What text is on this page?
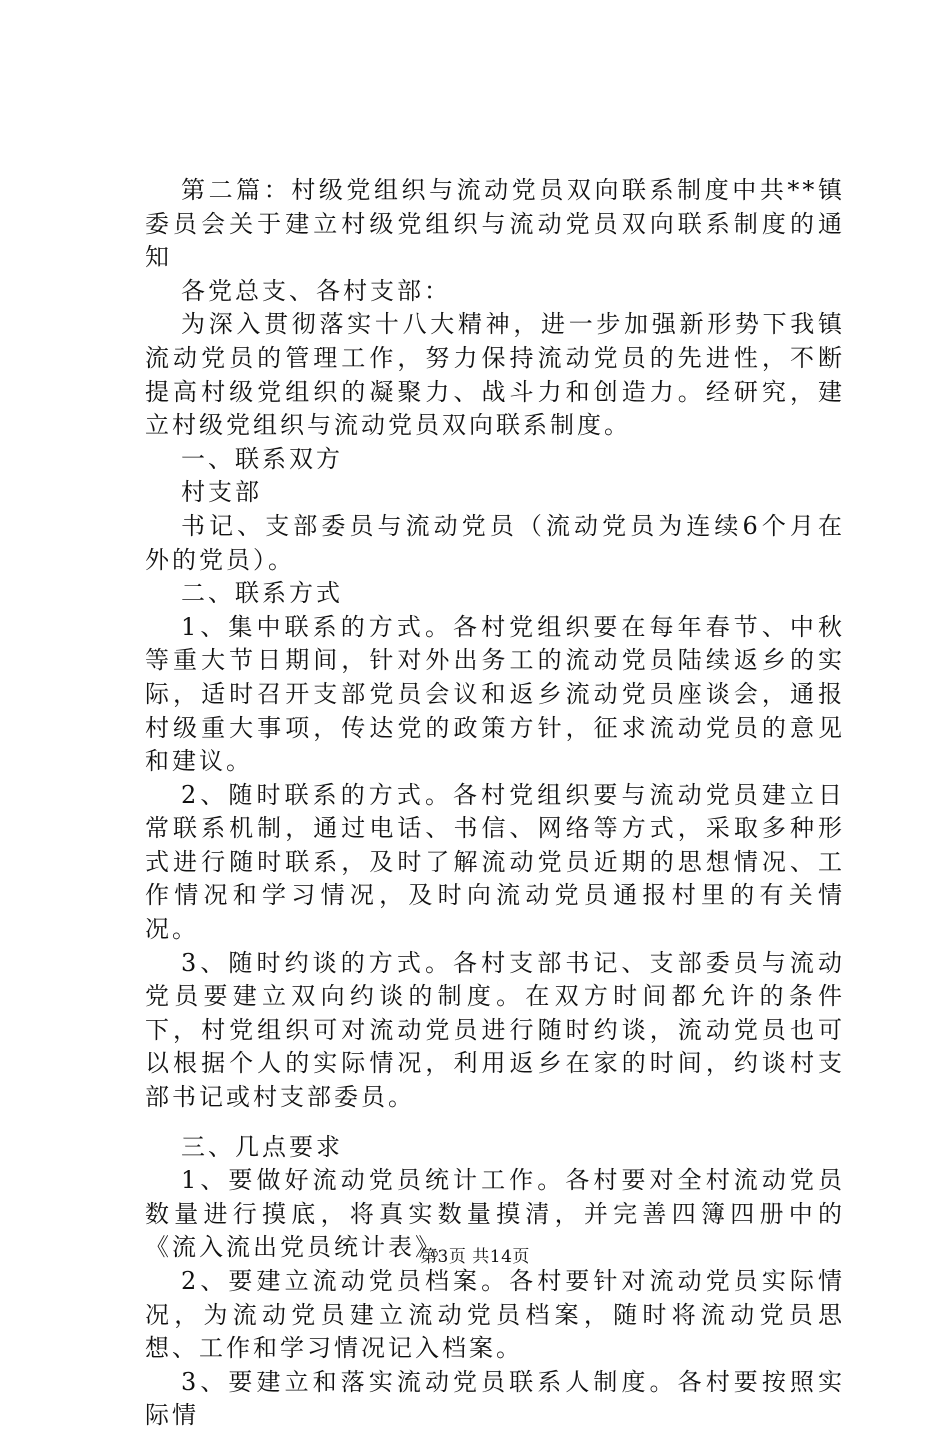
第二篇：村级党组织与流动党员双向联系制度中共**镇委员会关于建立村级党组织与流动党员双向联系制度的通知

各党总支、各村支部：

为深入贯彻落实十八大精神，进一步加强新形势下我镇流动党员的管理工作，努力保持流动党员的先进性，不断提高村级党组织的凝聚力、战斗力和创造力。经研究，建立村级党组织与流动党员双向联系制度。

一、联系双方

村支部

书记、支部委员与流动党员（流动党员为连续6个月在外的党员）。

二、联系方式

1、集中联系的方式。各村党组织要在每年春节、中秋等重大节日期间，针对外出务工的流动党员陆续返乡的实际，适时召开支部党员会议和返乡流动党员座谈会，通报村级重大事项，传达党的政策方针，征求流动党员的意见和建议。

2、随时联系的方式。各村党组织要与流动党员建立日常联系机制，通过电话、书信、网络等方式，采取多种形式进行随时联系，及时了解流动党员近期的思想情况、工作情况和学习情况，及时向流动党员通报村里的有关情况。

3、随时约谈的方式。各村支部书记、支部委员与流动党员要建立双向约谈的制度。在双方时间都允许的条件下，村党组织可对流动党员进行随时约谈，流动党员也可以根据个人的实际情况，利用返乡在家的时间，约谈村支部书记或村支部委员。

三、几点要求

1、要做好流动党员统计工作。各村要对全村流动党员数量进行摸底，将真实数量摸清，并完善四簿四册中的《流入流出党员统计表》。

2、要建立流动党员档案。各村要针对流动党员实际情况，为流动党员建立流动党员档案，随时将流动党员思想、工作和学习情况记入档案。

3、要建立和落实流动党员联系人制度。各村要按照实际情

第3页 共14页
